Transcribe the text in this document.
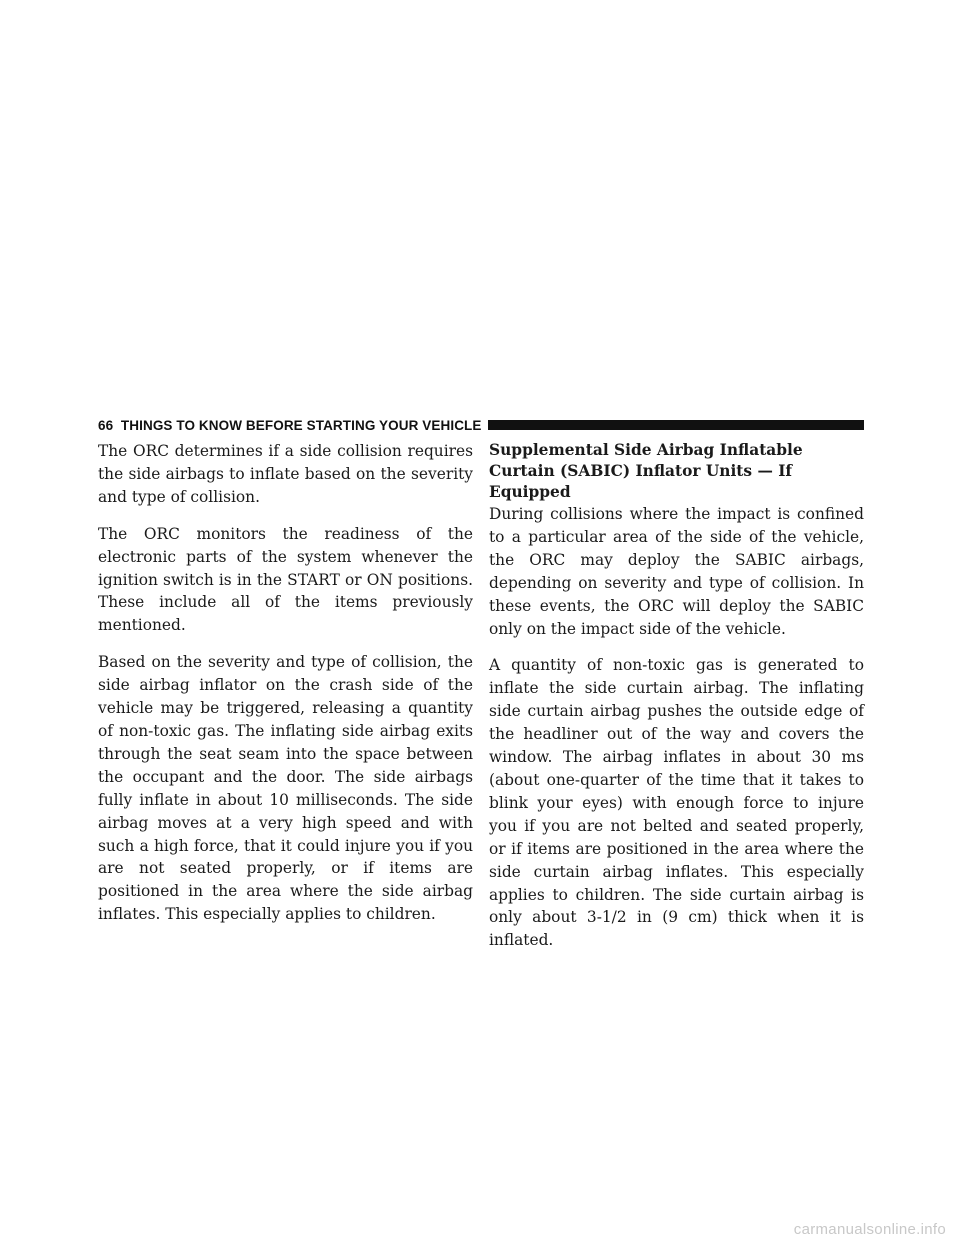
66 THINGS TO KNOW BEFORE STARTING YOUR VEHICLE

The ORC determines if a side collision requires the side airbags to inflate based on the severity and type of collision.

The ORC monitors the readiness of the electronic parts of the system whenever the ignition switch is in the START or ON positions. These include all of the items previously mentioned.

Based on the severity and type of collision, the side airbag inflator on the crash side of the vehicle may be triggered, releasing a quantity of non-toxic gas. The inflating side airbag exits through the seat seam into the space between the occupant and the door. The side airbags fully inflate in about 10 milliseconds. The side airbag moves at a very high speed and with such a high force, that it could injure you if you are not seated properly, or if items are positioned in the area where the side airbag inflates. This especially applies to children.

Supplemental Side Airbag Inflatable Curtain (SABIC) Inflator Units — If Equipped

During collisions where the impact is confined to a particular area of the side of the vehicle, the ORC may deploy the SABIC airbags, depending on severity and type of collision. In these events, the ORC will deploy the SABIC only on the impact side of the vehicle.

A quantity of non-toxic gas is generated to inflate the side curtain airbag. The inflating side curtain airbag pushes the outside edge of the headliner out of the way and covers the window. The airbag inflates in about 30 ms (about one-quarter of the time that it takes to blink your eyes) with enough force to injure you if you are not belted and seated properly, or if items are positioned in the area where the side curtain airbag inflates. This especially applies to children. The side curtain airbag is only about 3-1/2 in (9 cm) thick when it is inflated.

carmanualsonline.info
